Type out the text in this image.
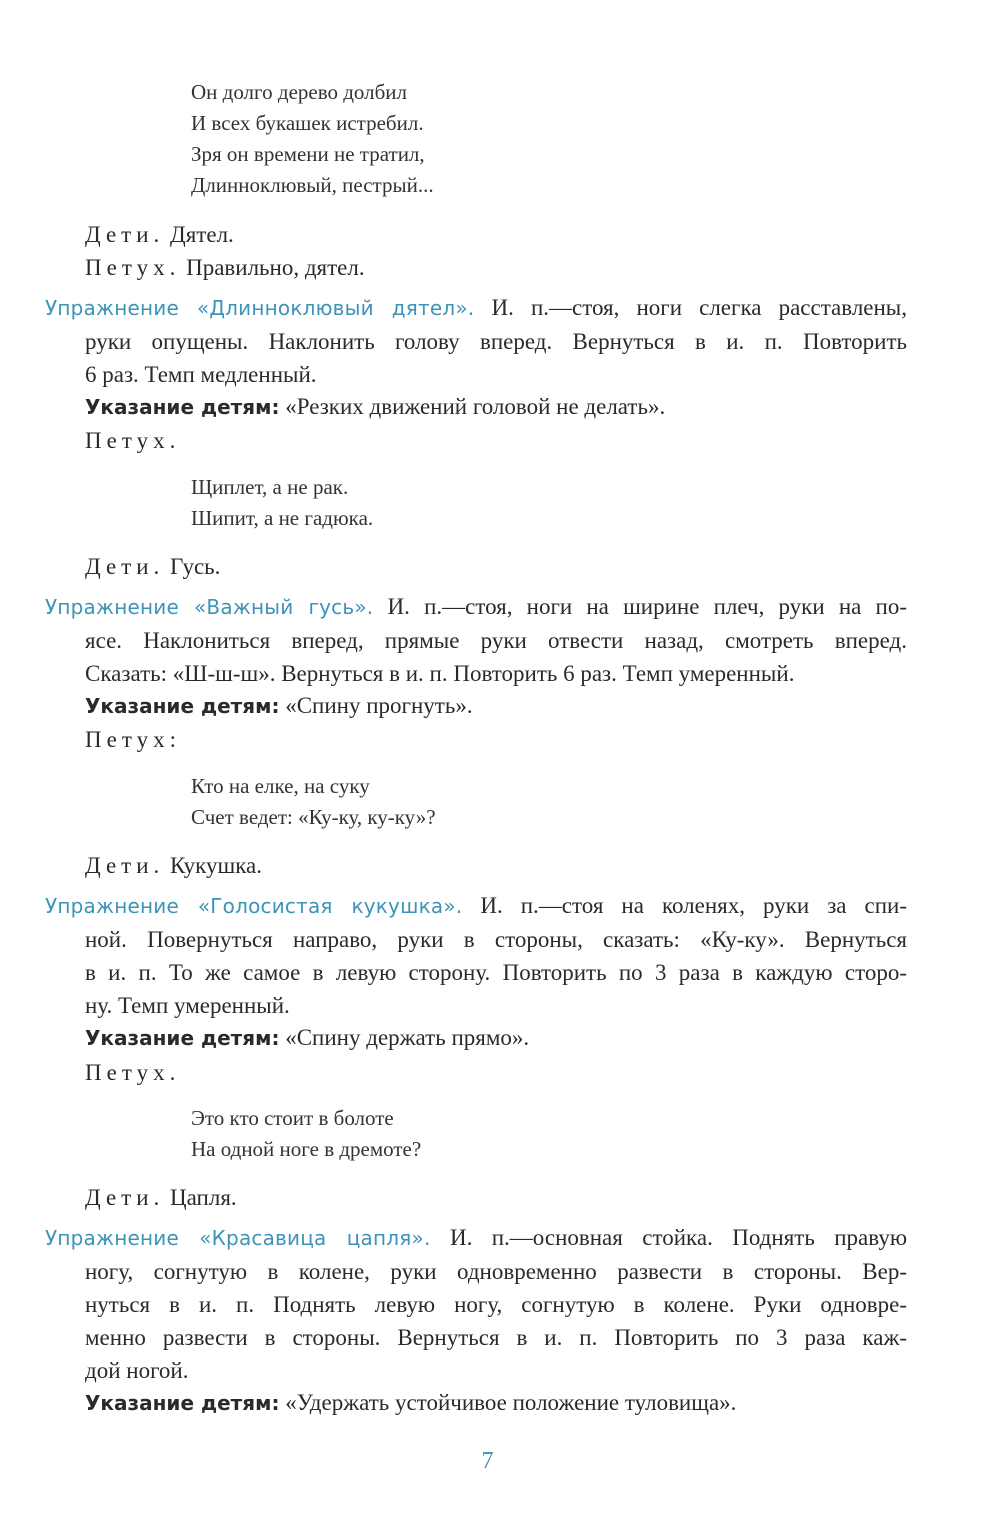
Он долго дерево долбил
И всех букашек истребил.
Зря он времени не тратил,
Длинноклювый, пестрый...
Дети. Дятел.
Петух. Правильно, дятел.
Упражнение «Длинноклювый дятел». И. п.—стоя, ноги слегка расставлены,
руки опущены. Наклонить голову вперед. Вернуться в и. п. Повторить
6 раз. Темп медленный.
Указание детям: «Резких движений головой не делать».
Петух.
Щиплет, а не рак.
Шипит, а не гадюка.
Дети. Гусь.
Упражнение «Важный гусь». И. п.—стоя, ноги на ширине плеч, руки на по-
ясе. Наклониться вперед, прямые руки отвести назад, смотреть вперед.
Сказать: «Ш-ш-ш». Вернуться в и. п. Повторить 6 раз. Темп умеренный.
Указание детям: «Спину прогнуть».
Петух:
Кто на елке, на суку
Счет ведет: «Ку-ку, ку-ку»?
Дети. Кукушка.
Упражнение «Голосистая кукушка». И. п.—стоя на коленях, руки за спи-
ной. Повернуться направо, руки в стороны, сказать: «Ку-ку». Вернуться
в и. п. То же самое в левую сторону. Повторить по 3 раза в каждую сторо-
ну. Темп умеренный.
Указание детям: «Спину держать прямо».
Петух.
Это кто стоит в болоте
На одной ноге в дремоте?
Дети. Цапля.
Упражнение «Красавица цапля». И. п.—основная стойка. Поднять правую
ногу, согнутую в колене, руки одновременно развести в стороны. Вер-
нуться в и. п. Поднять левую ногу, согнутую в колене. Руки одновре-
менно развести в стороны. Вернуться в и. п. Повторить по 3 раза каж-
дой ногой.
Указание детям: «Удержать устойчивое положение туловища».
7
